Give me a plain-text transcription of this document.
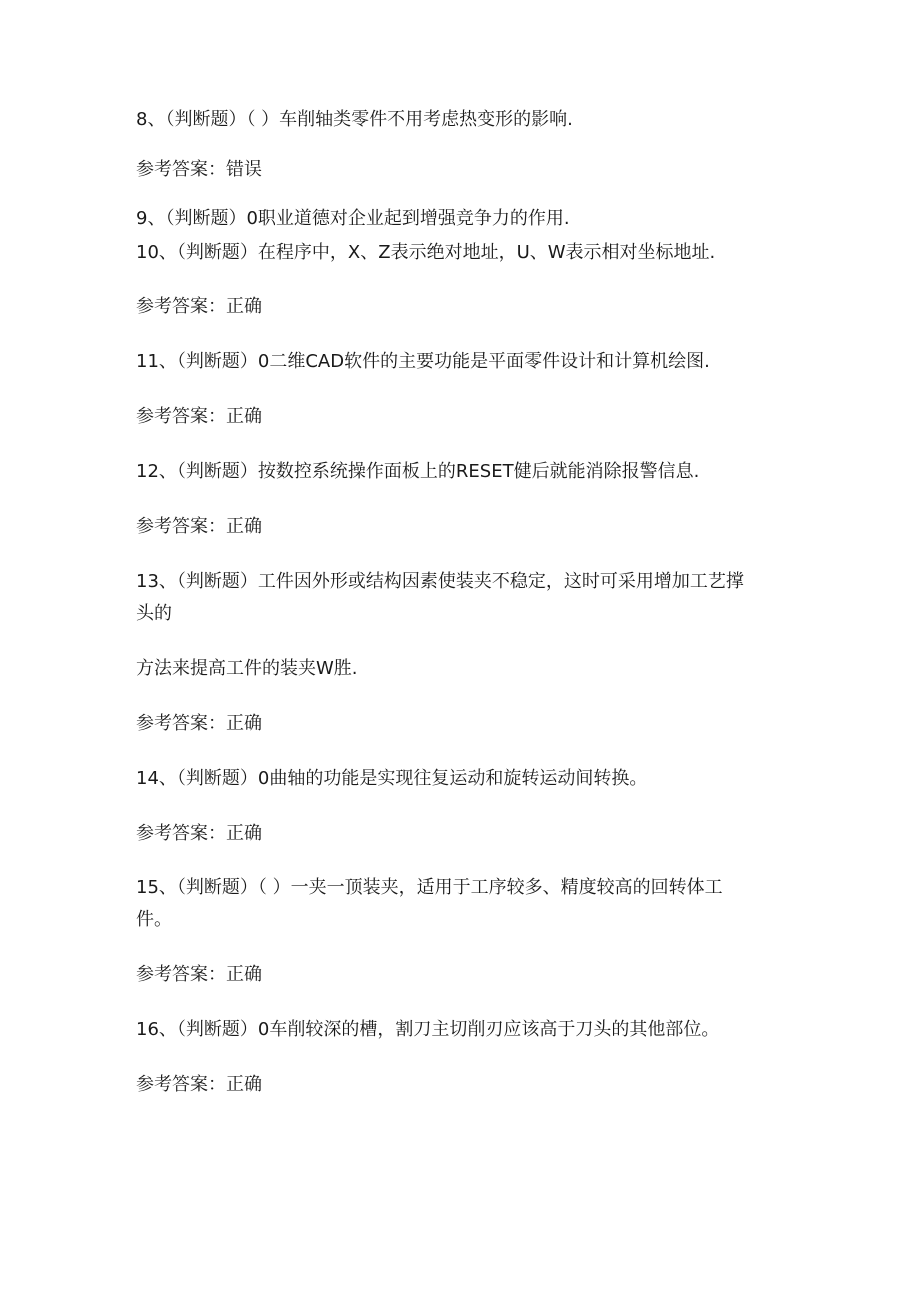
8、（判断题）（ ）车削轴类零件不用考虑热变形的影响.
参考答案：错误
9、（判断题）0职业道德对企业起到增强竞争力的作用.
10、（判断题）在程序中，X、Z表示绝对地址，U、W表示相对坐标地址.
参考答案：正确
11、（判断题）0二维CAD软件的主要功能是平面零件设计和计算机绘图.
参考答案：正确
12、（判断题）按数控系统操作面板上的RESET健后就能消除报警信息.
参考答案：正确
13、（判断题）工件因外形或结构因素使装夹不稳定，这时可采用增加工艺撑
头的
方法来提高工件的装夹W胜.
参考答案：正确
14、（判断题）0曲轴的功能是实现往复运动和旋转运动间转换。
参考答案：正确
15、（判断题）（ ）一夹一顶装夹，适用于工序较多、精度较高的回转体工
件。
参考答案：正确
16、（判断题）0车削较深的槽，割刀主切削刃应该高于刀头的其他部位。
参考答案：正确
